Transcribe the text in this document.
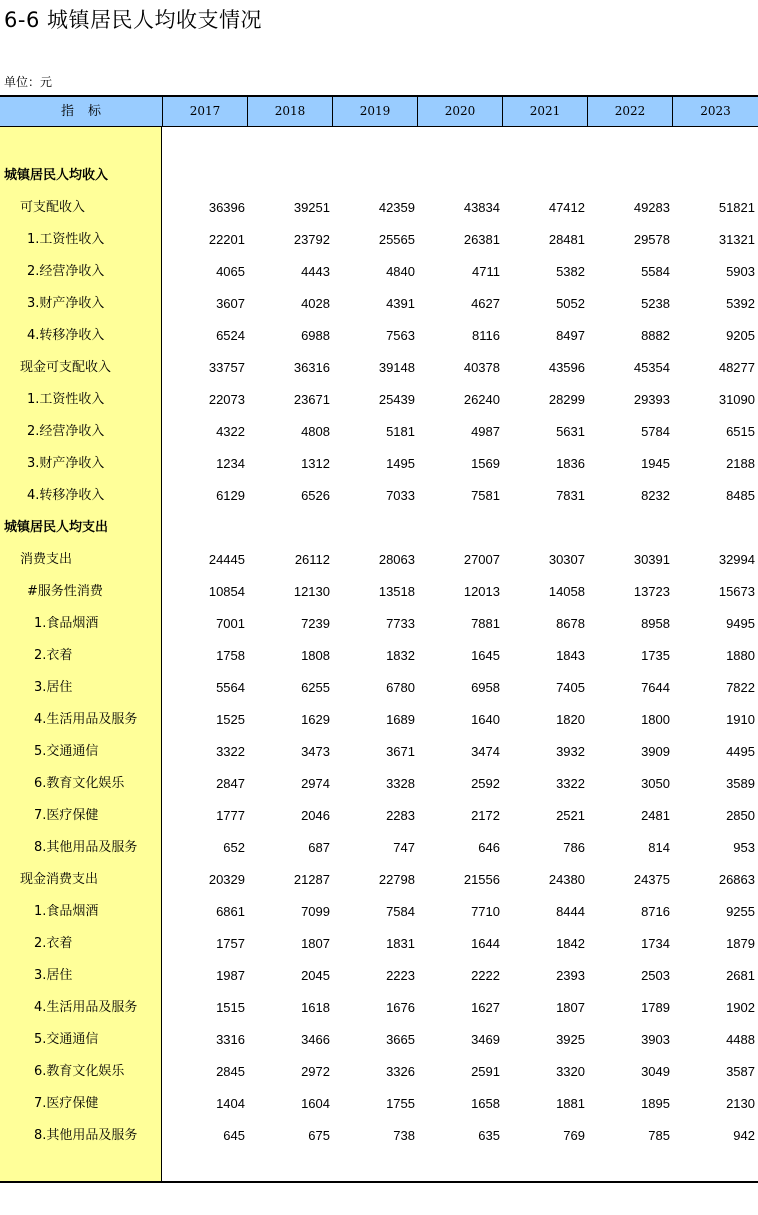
6-6 城镇居民人均收支情况
单位：元
指标	2017	2018	2019	2020	2021	2022	2023
城镇居民人均收入
可支配收入	36396	39251	42359	43834	47412	49283	51821
1.工资性收入	22201	23792	25565	26381	28481	29578	31321
2.经营净收入	4065	4443	4840	4711	5382	5584	5903
3.财产净收入	3607	4028	4391	4627	5052	5238	5392
4.转移净收入	6524	6988	7563	8116	8497	8882	9205
现金可支配收入	33757	36316	39148	40378	43596	45354	48277
1.工资性收入	22073	23671	25439	26240	28299	29393	31090
2.经营净收入	4322	4808	5181	4987	5631	5784	6515
3.财产净收入	1234	1312	1495	1569	1836	1945	2188
4.转移净收入	6129	6526	7033	7581	7831	8232	8485
城镇居民人均支出
消费支出	24445	26112	28063	27007	30307	30391	32994
#服务性消费	10854	12130	13518	12013	14058	13723	15673
1.食品烟酒	7001	7239	7733	7881	8678	8958	9495
2.衣着	1758	1808	1832	1645	1843	1735	1880
3.居住	5564	6255	6780	6958	7405	7644	7822
4.生活用品及服务	1525	1629	1689	1640	1820	1800	1910
5.交通通信	3322	3473	3671	3474	3932	3909	4495
6.教育文化娱乐	2847	2974	3328	2592	3322	3050	3589
7.医疗保健	1777	2046	2283	2172	2521	2481	2850
8.其他用品及服务	652	687	747	646	786	814	953
现金消费支出	20329	21287	22798	21556	24380	24375	26863
1.食品烟酒	6861	7099	7584	7710	8444	8716	9255
2.衣着	1757	1807	1831	1644	1842	1734	1879
3.居住	1987	2045	2223	2222	2393	2503	2681
4.生活用品及服务	1515	1618	1676	1627	1807	1789	1902
5.交通通信	3316	3466	3665	3469	3925	3903	4488
6.教育文化娱乐	2845	2972	3326	2591	3320	3049	3587
7.医疗保健	1404	1604	1755	1658	1881	1895	2130
8.其他用品及服务	645	675	738	635	769	785	942
